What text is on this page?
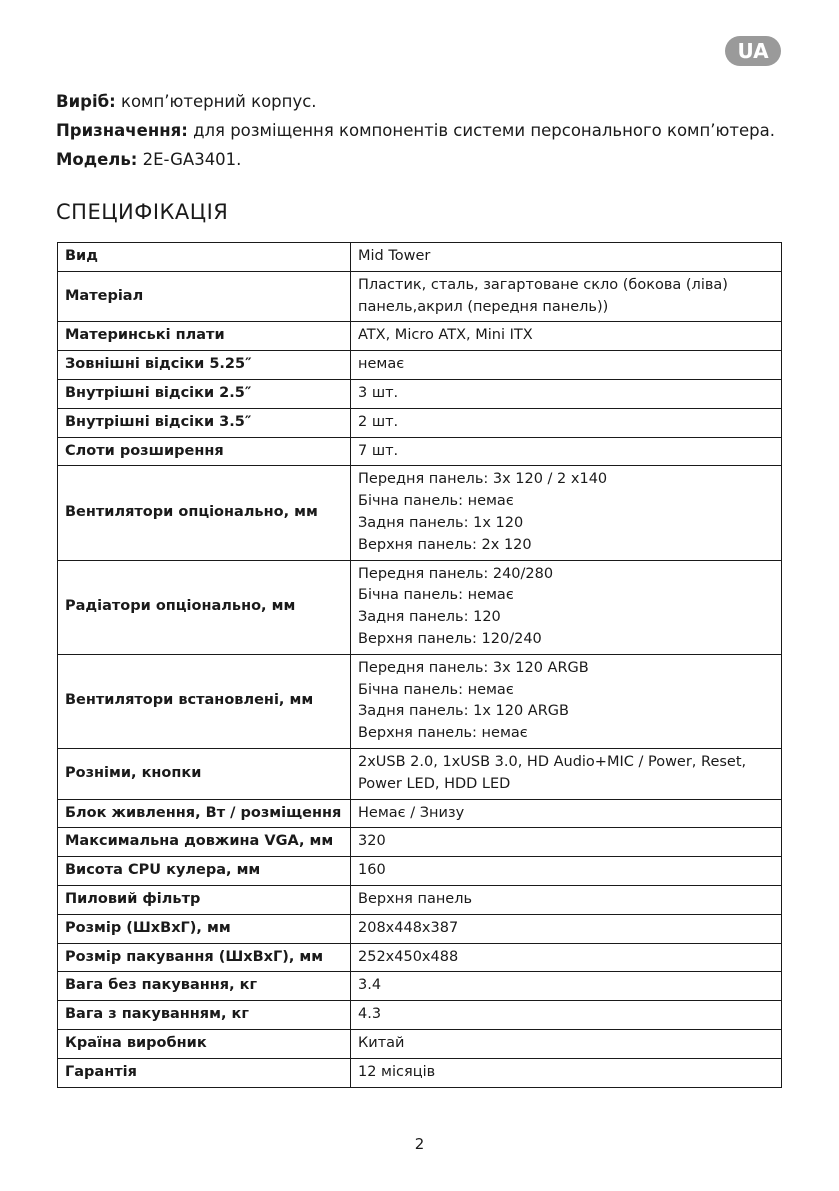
UA
Виріб: комп’ютерний корпус.
Призначення: для розміщення компонентів системи персонального комп’ютера.
Модель: 2E-GA3401.
СПЕЦИФІКАЦІЯ
Вид	Mid Tower
Матеріал	Пластик, сталь, загартоване скло (бокова (ліва)
панель,акрил (передня панель))
Материнські плати	ATX, Micro ATX, Mini ITX
Зовнішні відсіки 5.25″	немає
Внутрішні відсіки 2.5″	3 шт.
Внутрішні відсіки 3.5″	2 шт.
Слоти розширення	7 шт.
Вентилятори опціонально, мм	Передня панель: 3x 120 / 2 x140
Бічна панель: немає
Задня панель: 1x 120
Верхня панель: 2x 120
Радіатори опціонально, мм	Передня панель: 240/280
Бічна панель: немає
Задня панель: 120
Верхня панель: 120/240
Вентилятори встановлені, мм	Передня панель: 3x 120 ARGB
Бічна панель: немає
Задня панель: 1x 120 ARGB
Верхня панель: немає
Розніми, кнопки	2xUSB 2.0, 1xUSB 3.0, HD Audio+MIC / Power, Reset,
Power LED, HDD LED
Блок живлення, Вт / розміщення	Немає / Знизу
Максимальна довжина VGA, мм	320
Висота CPU кулера, мм	160
Пиловий фільтр	Верхня панель
Розмір (ШхВхГ), мм	208x448x387
Розмір пакування (ШхВхГ), мм	252x450x488
Вага без пакування, кг	3.4
Вага з пакуванням, кг	4.3
Країна виробник	Китай
Гарантія	12 місяців
2
